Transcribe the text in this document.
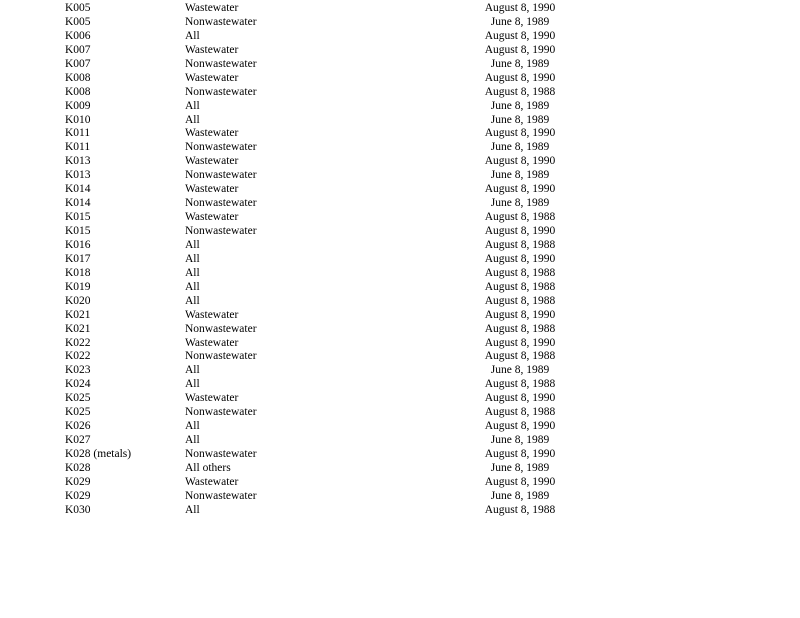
K005	Wastewater	August 8, 1990
K005	Nonwastewater	June 8, 1989
K006	All	August 8, 1990
K007	Wastewater	August 8, 1990
K007	Nonwastewater	June 8, 1989
K008	Wastewater	August 8, 1990
K008	Nonwastewater	August 8, 1988
K009	All	June 8, 1989
K010	All	June 8, 1989
K011	Wastewater	August 8, 1990
K011	Nonwastewater	June 8, 1989
K013	Wastewater	August 8, 1990
K013	Nonwastewater	June 8, 1989
K014	Wastewater	August 8, 1990
K014	Nonwastewater	June 8, 1989
K015	Wastewater	August 8, 1988
K015	Nonwastewater	August 8, 1990
K016	All	August 8, 1988
K017	All	August 8, 1990
K018	All	August 8, 1988
K019	All	August 8, 1988
K020	All	August 8, 1988
K021	Wastewater	August 8, 1990
K021	Nonwastewater	August 8, 1988
K022	Wastewater	August 8, 1990
K022	Nonwastewater	August 8, 1988
K023	All	June 8, 1989
K024	All	August 8, 1988
K025	Wastewater	August 8, 1990
K025	Nonwastewater	August 8, 1988
K026	All	August 8, 1990
K027	All	June 8, 1989
K028 (metals)	Nonwastewater	August 8, 1990
K028	All others	June 8, 1989
K029	Wastewater	August 8, 1990
K029	Nonwastewater	June 8, 1989
K030	All	August 8, 1988
